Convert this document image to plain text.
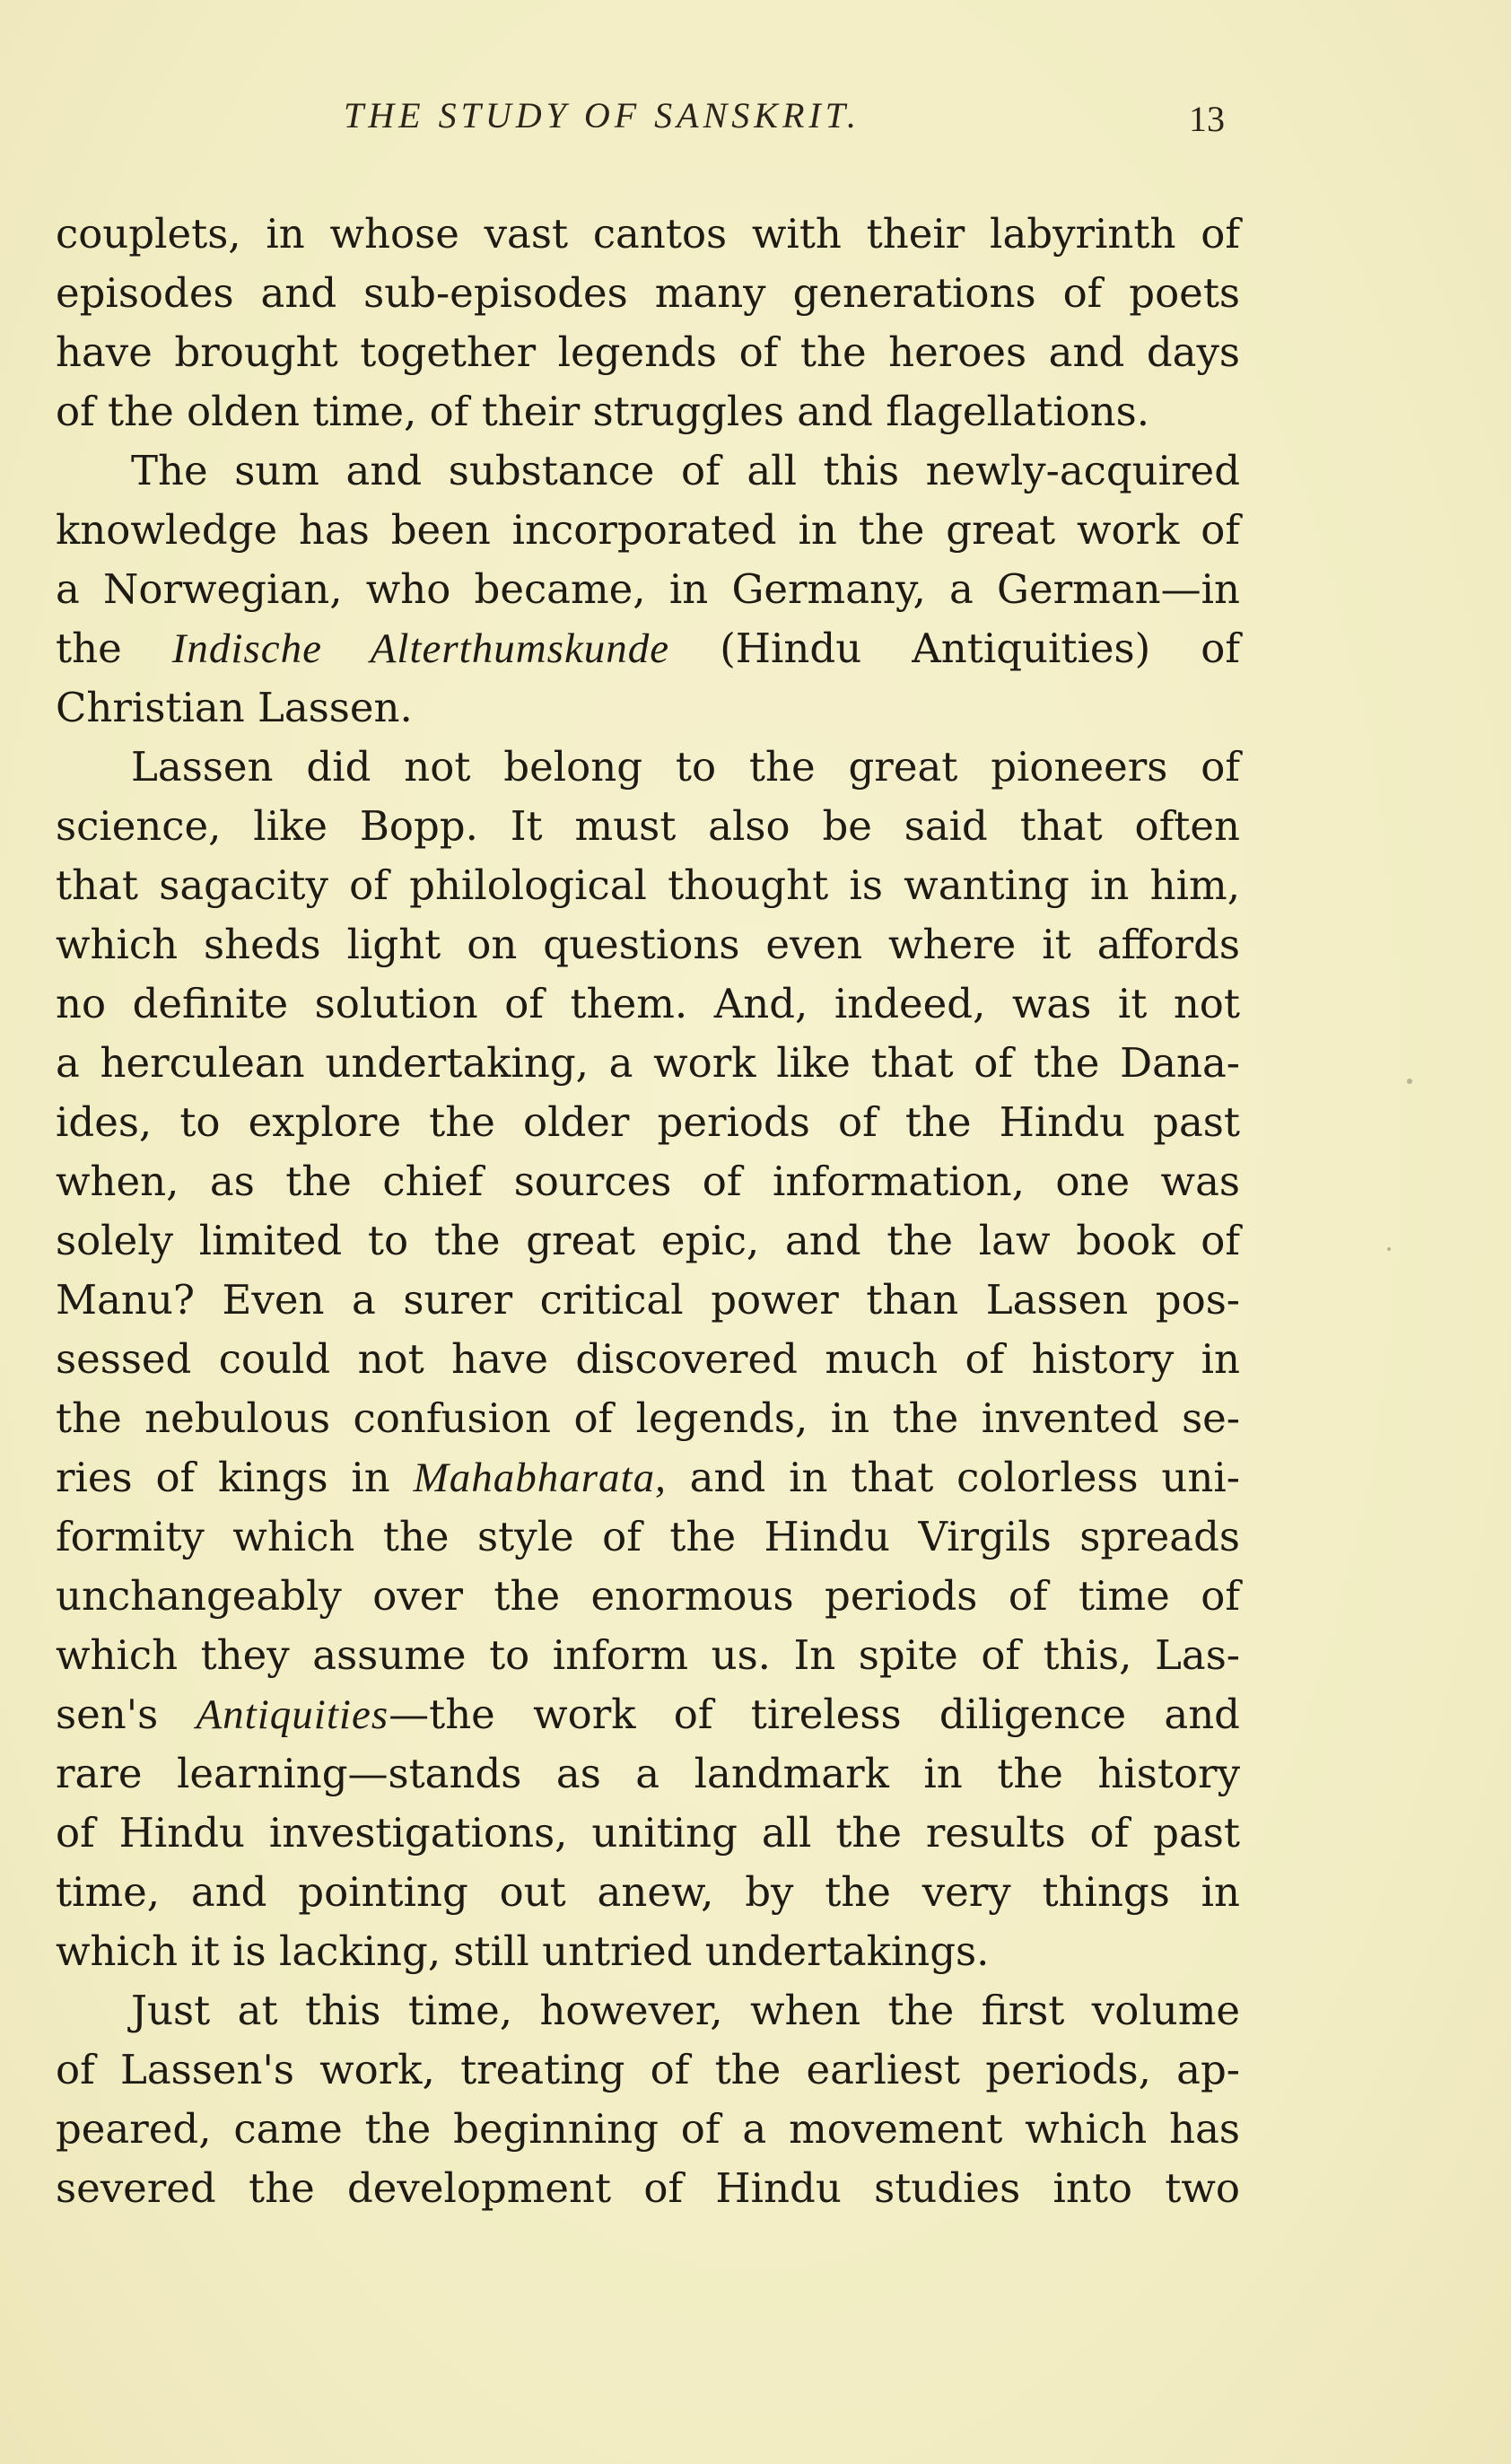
THE STUDY OF SANSKRIT.	13
couplets, in whose vast cantos with their labyrinth of
episodes and sub-episodes many generations of poets
have brought together legends of the heroes and days
of the olden time, of their struggles and flagellations.
The sum and substance of all this newly-acquired
knowledge has been incorporated in the great work of
a Norwegian, who became, in Germany, a German—in
the Indische Alterthumskunde (Hindu Antiquities) of
Christian Lassen.
Lassen did not belong to the great pioneers of
science, like Bopp. It must also be said that often
that sagacity of philological thought is wanting in him,
which sheds light on questions even where it affords
no definite solution of them. And, indeed, was it not
a herculean undertaking, a work like that of the Dana-
ides, to explore the older periods of the Hindu past
when, as the chief sources of information, one was
solely limited to the great epic, and the law book of
Manu? Even a surer critical power than Lassen pos-
sessed could not have discovered much of history in
the nebulous confusion of legends, in the invented se-
ries of kings in Mahabharata, and in that colorless uni-
formity which the style of the Hindu Virgils spreads
unchangeably over the enormous periods of time of
which they assume to inform us. In spite of this, Las-
sen's Antiquities—the work of tireless diligence and
rare learning—stands as a landmark in the history
of Hindu investigations, uniting all the results of past
time, and pointing out anew, by the very things in
which it is lacking, still untried undertakings.
Just at this time, however, when the first volume
of Lassen's work, treating of the earliest periods, ap-
peared, came the beginning of a movement which has
severed the development of Hindu studies into two
